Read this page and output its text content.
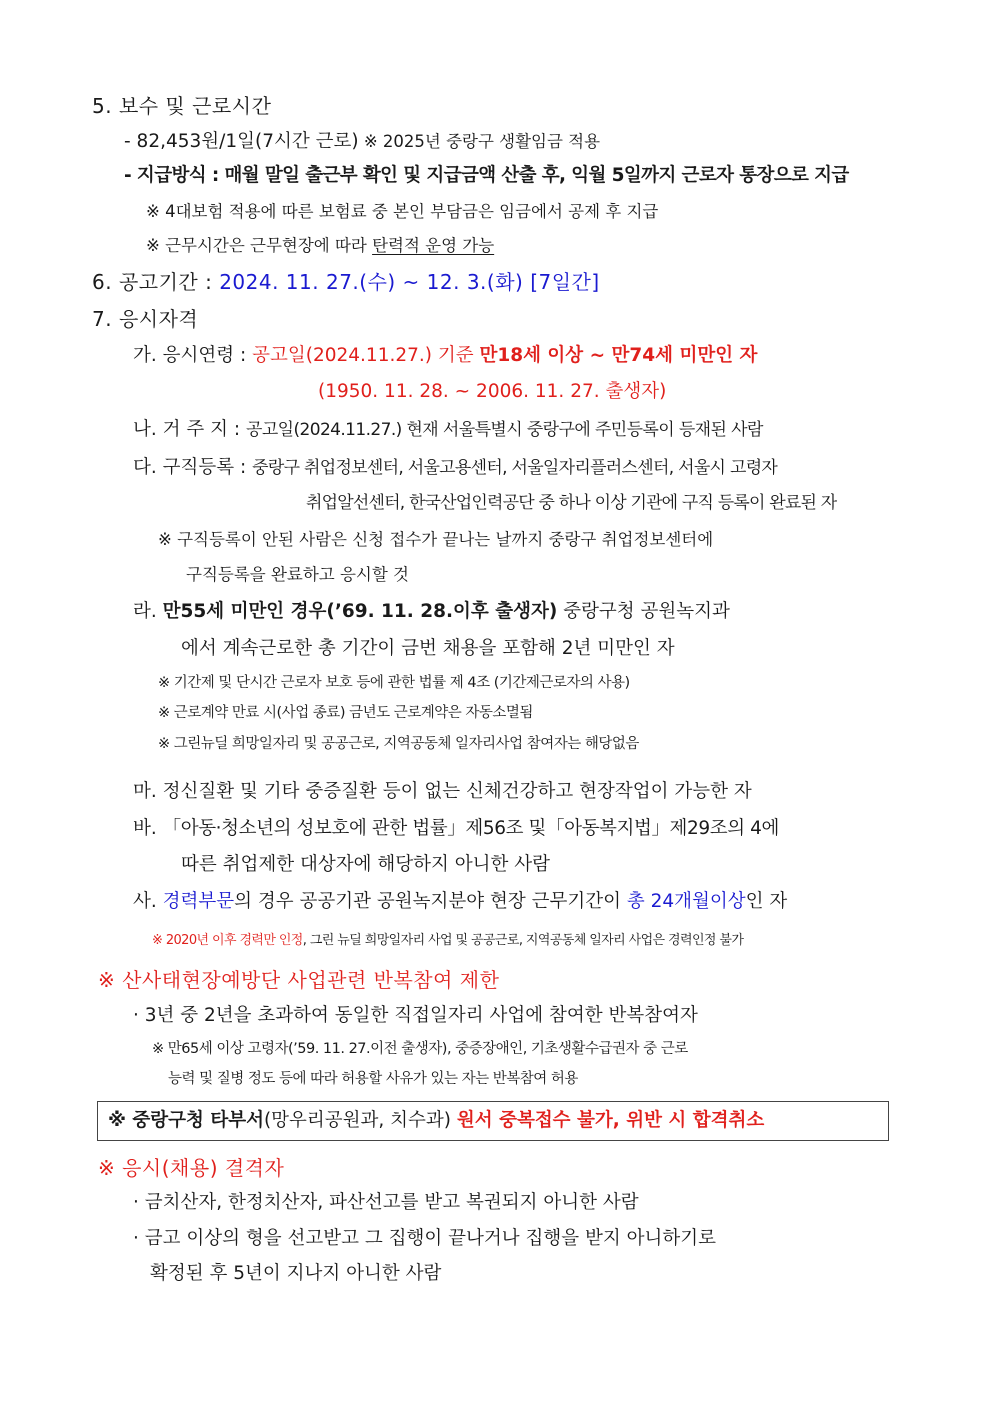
5. 보수 및 근로시간
- 82,453원/1일(7시간 근로) ※ 2025년 중랑구 생활임금 적용
- 지급방식 : 매월 말일 출근부 확인 및 지급금액 산출 후, 익월 5일까지 근로자 통장으로 지급
※ 4대보험 적용에 따른 보험료 중 본인 부담금은 임금에서 공제 후 지급
※ 근무시간은 근무현장에 따라 탄력적 운영 가능
6. 공고기간 : 2024. 11. 27.(수) ~ 12. 3.(화) [7일간]
7. 응시자격
가. 응시연령 : 공고일(2024.11.27.) 기준 만18세 이상 ~ 만74세 미만인 자
(1950. 11. 28. ~ 2006. 11. 27. 출생자)
나. 거 주 지 : 공고일(2024.11.27.) 현재 서울특별시 중랑구에 주민등록이 등재된 사람
다. 구직등록 : 중랑구 취업정보센터, 서울고용센터, 서울일자리플러스센터, 서울시 고령자
취업알선센터, 한국산업인력공단 중 하나 이상 기관에 구직 등록이 완료된 자
※ 구직등록이 안된 사람은 신청 접수가 끝나는 날까지 중랑구 취업정보센터에
구직등록을 완료하고 응시할 것
라. 만55세 미만인 경우(’69. 11. 28.이후 출생자) 중랑구청 공원녹지과
에서 계속근로한 총 기간이 금번 채용을 포함해 2년 미만인 자
※ 기간제 및 단시간 근로자 보호 등에 관한 법률 제 4조 (기간제근로자의 사용)
※ 근로계약 만료 시(사업 종료) 금년도 근로계약은 자동소멸됨
※ 그린뉴딜 희망일자리 및 공공근로, 지역공동체 일자리사업 참여자는 해당없음
마. 정신질환 및 기타 중증질환 등이 없는 신체건강하고 현장작업이 가능한 자
바. 「아동·청소년의 성보호에 관한 법률」제56조 및「아동복지법」제29조의 4에
따른 취업제한 대상자에 해당하지 아니한 사람
사. 경력부문의 경우 공공기관 공원녹지분야 현장 근무기간이 총 24개월이상인 자
※ 2020년 이후 경력만 인정, 그린 뉴딜 희망일자리 사업 및 공공근로, 지역공동체 일자리 사업은 경력인정 불가
※ 산사태현장예방단 사업관련 반복참여 제한
· 3년 중 2년을 초과하여 동일한 직접일자리 사업에 참여한 반복참여자
※ 만65세 이상 고령자(’59. 11. 27.이전 출생자), 중증장애인, 기초생활수급권자 중 근로
능력 및 질병 정도 등에 따라 허용할 사유가 있는 자는 반복참여 허용
※ 중랑구청 타부서(망우리공원과, 치수과) 원서 중복접수 불가, 위반 시 합격취소
※ 응시(채용) 결격자
· 금치산자, 한정치산자, 파산선고를 받고 복권되지 아니한 사람
· 금고 이상의 형을 선고받고 그 집행이 끝나거나 집행을 받지 아니하기로
확정된 후 5년이 지나지 아니한 사람
